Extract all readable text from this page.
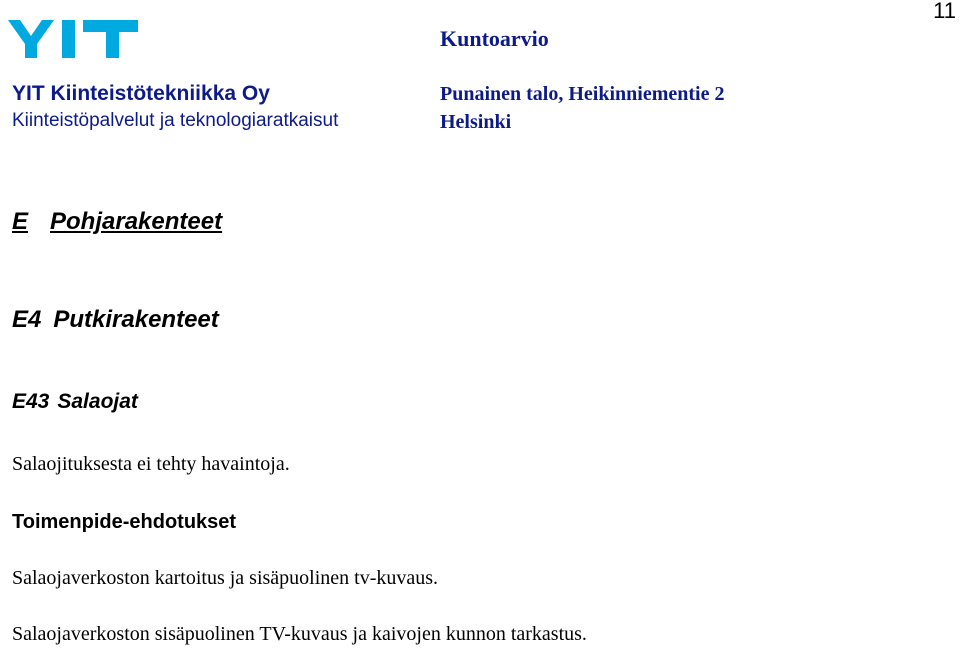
11
Kuntoarvio
YIT Kiinteistötekniikka Oy
Kiinteistöpalvelut ja teknologiaratkaisut
Punainen talo, Heikinniementie 2
Helsinki
E Pohjarakenteet
E4 Putkirakenteet
E43 Salaojat
Salaojituksesta ei tehty havaintoja.
Toimenpide-ehdotukset
Salaojaverkoston kartoitus ja sisäpuolinen tv-kuvaus.
Salaojaverkoston sisäpuolinen TV-kuvaus ja kaivojen kunnon tarkastus.
